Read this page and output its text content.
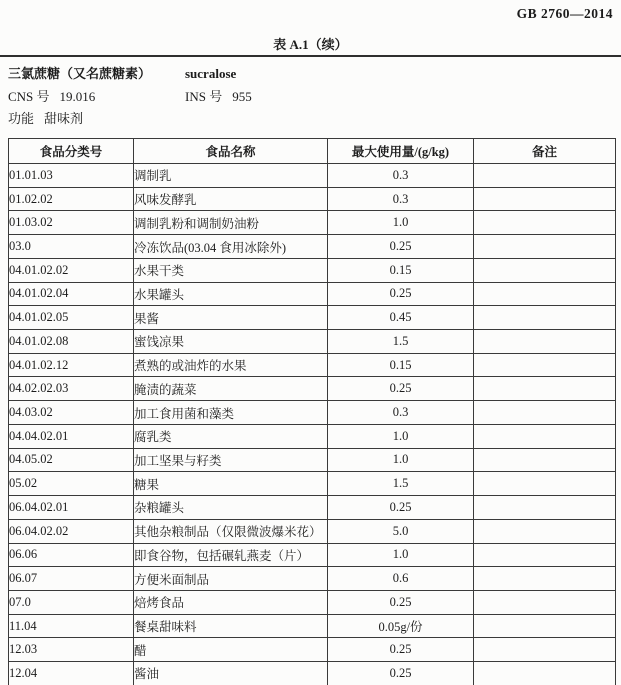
GB 2760—2014
表 A.1（续）
三氯蔗糖（又名蔗糖素）	sucralose
CNS 号 19.016	INS 号 955
功能 甜味剂
食品分类号	食品名称	最大使用量/(g/kg)	备注
01.01.03	调制乳	0.3	
01.02.02	风味发酵乳	0.3	
01.03.02	调制乳粉和调制奶油粉	1.0	
03.0	冷冻饮品(03.04 食用冰除外)	0.25	
04.01.02.02	水果干类	0.15	
04.01.02.04	水果罐头	0.25	
04.01.02.05	果酱	0.45	
04.01.02.08	蜜饯凉果	1.5	
04.01.02.12	煮熟的或油炸的水果	0.15	
04.02.02.03	腌渍的蔬菜	0.25	
04.03.02	加工食用菌和藻类	0.3	
04.04.02.01	腐乳类	1.0	
04.05.02	加工坚果与籽类	1.0	
05.02	糖果	1.5	
06.04.02.01	杂粮罐头	0.25	
06.04.02.02	其他杂粮制品（仅限微波爆米花）	5.0	
06.06	即食谷物，包括碾轧燕麦（片）	1.0	
06.07	方便米面制品	0.6	
07.0	焙烤食品	0.25	
11.04	餐桌甜味料	0.05g/份	
12.03	醋	0.25	
12.04	酱油	0.25	
